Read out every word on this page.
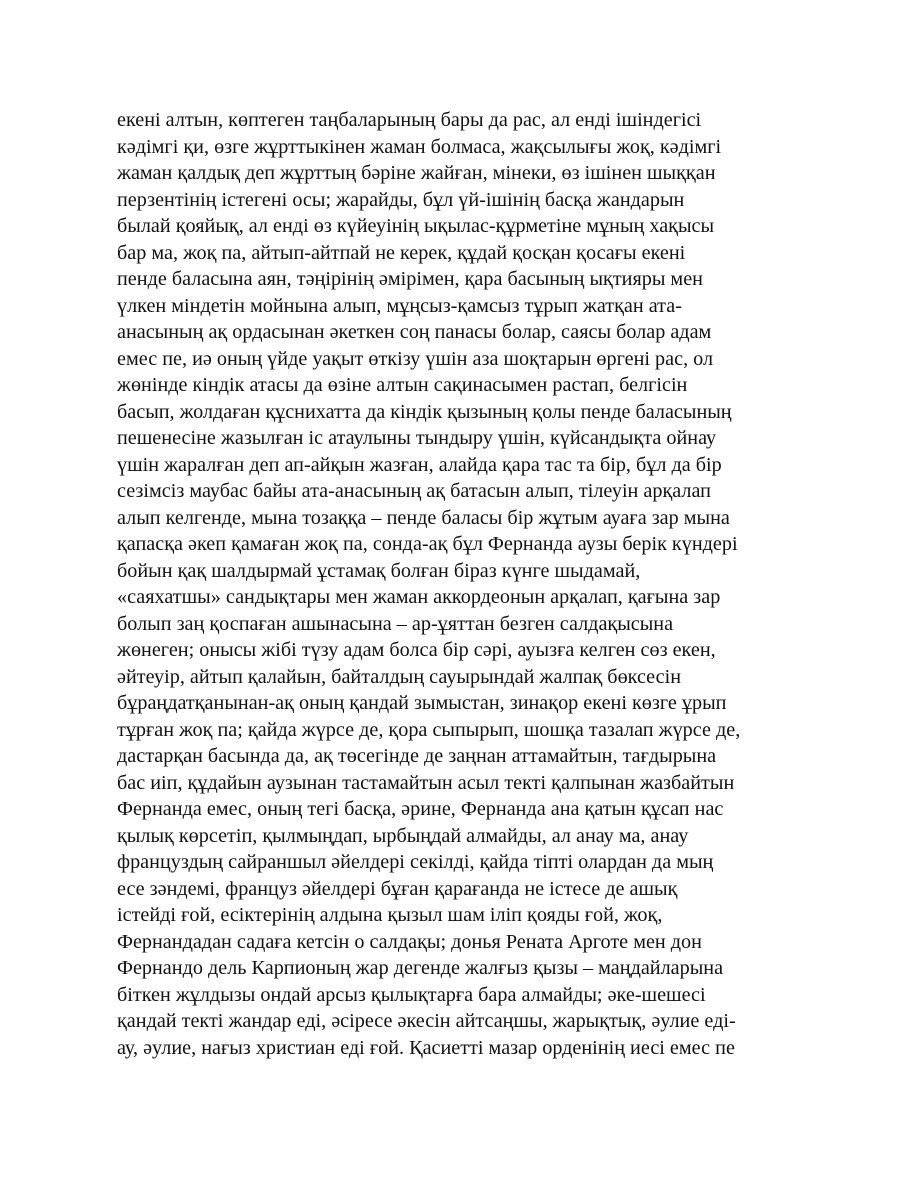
екені алтын, көптеген таңбаларының бары да рас, ал енді ішіндегісі
кәдімгі қи, өзге жұрттыкінен жаман болмаса, жақсылығы жоқ, кәдімгі
жаман қалдық деп жұрттың бәріне жайған, мінеки, өз ішінен шыққан
перзентінің істегені осы; жарайды, бұл үй-ішінің басқа жандарын
былай қояйық, ал енді өз күйеуінің ықылас-құрметіне мұның хақысы
бар ма, жоқ па, айтып-айтпай не керек, құдай қосқан қосағы екені
пенде баласына аян, тәңірінің әмірімен, қара басының ықтияры мен
үлкен міндетін мойнына алып, мұңсыз-қамсыз тұрып жатқан ата-
анасының ақ ордасынан әкеткен соң панасы болар, саясы болар адам
емес пе, иә оның үйде уақыт өткізу үшін аза шоқтарын өргені рас, ол
жөнінде кіндік атасы да өзіне алтын сақинасымен растап, белгісін
басып, жолдаған құснихатта да кіндік қызының қолы пенде баласының
пешенесіне жазылған іс атаулыны тындыру үшін, күйсандықта ойнау
үшін жаралған деп ап-айқын жазған, алайда қара тас та бір, бұл да бір
сезімсіз маубас байы ата-анасының ақ батасын алып, тілеуін арқалап
алып келгенде, мына тозаққа – пенде баласы бір жұтым ауаға зар мына
қапасқа әкеп қамаған жоқ па, сонда-ақ бұл Фернанда аузы берік күндері
бойын қақ шалдырмай ұстамақ болған біраз күнге шыдамай,
«саяхатшы» сандықтары мен жаман аккордеонын арқалап, қағына зар
болып заң қоспаған ашынасына – ар-ұяттан безген салдақысына
жөнеген; онысы жібі түзу адам болса бір сәрі, ауызға келген сөз екен,
әйтеуір, айтып қалайын, байталдың сауырындай жалпақ бөксесін
бұраңдатқанынан-ақ оның қандай зымыстан, зинақор екені көзге ұрып
тұрған жоқ па; қайда жүрсе де, қора сыпырып, шошқа тазалап жүрсе де,
дастарқан басында да, ақ төсегінде де заңнан аттамайтын, тағдырына
бас иіп, құдайын аузынан тастамайтын асыл текті қалпынан жазбайтын
Фернанда емес, оның тегі басқа, әрине, Фернанда ана қатын құсап нас
қылық көрсетіп, қылмыңдап, ырбыңдай алмайды, ал анау ма, анау
француздың сайраншыл әйелдері секілді, қайда тіпті олардан да мың
есе зәндемі, француз әйелдері бұған қарағанда не істесе де ашық
істейді ғой, есіктерінің алдына қызыл шам іліп қояды ғой, жоқ,
Фернандадан садаға кетсін о салдақы; донья Рената Арготе мен дон
Фернандо дель Карпионың жар дегенде жалғыз қызы – маңдайларына
біткен жұлдызы ондай арсыз қылықтарға бара алмайды; әке-шешесі
қандай текті жандар еді, әсіресе әкесін айтсаңшы, жарықтық, әулие еді-
ау, әулие, нағыз христиан еді ғой. Қасиетті мазар орденінің иесі емес пе
